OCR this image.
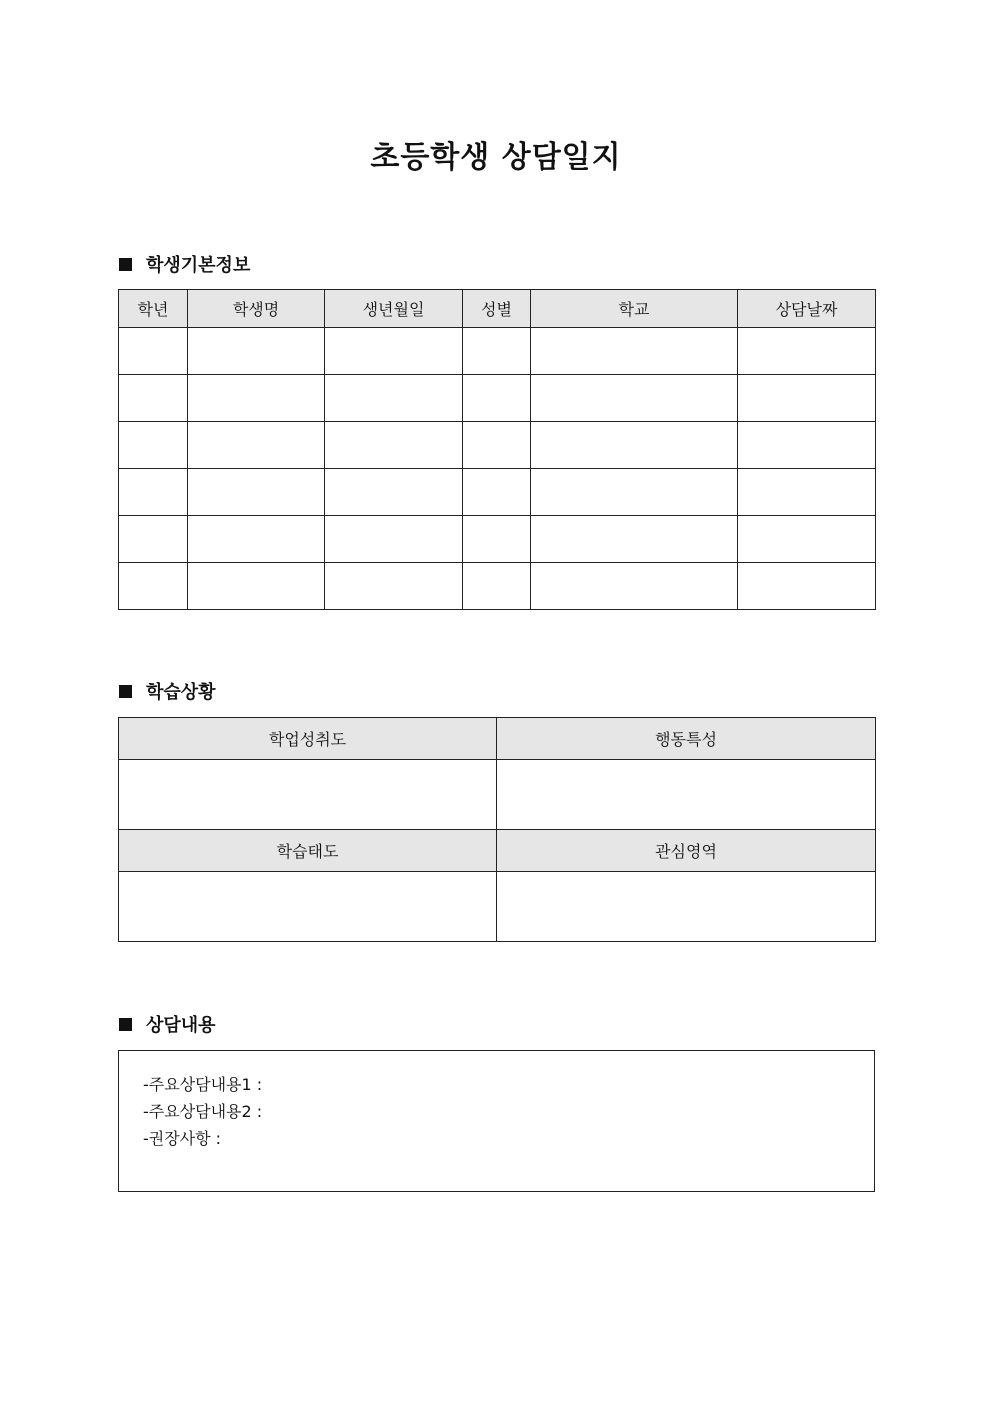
초등학생 상담일지
학생기본정보
학년	학생명	생년월일	성별	학교	상담날짜

학습상황
학업성취도	행동특성

학습태도	관심영역

상담내용
-주요상담내용1 :
-주요상담내용2 :
-권장사항 :
